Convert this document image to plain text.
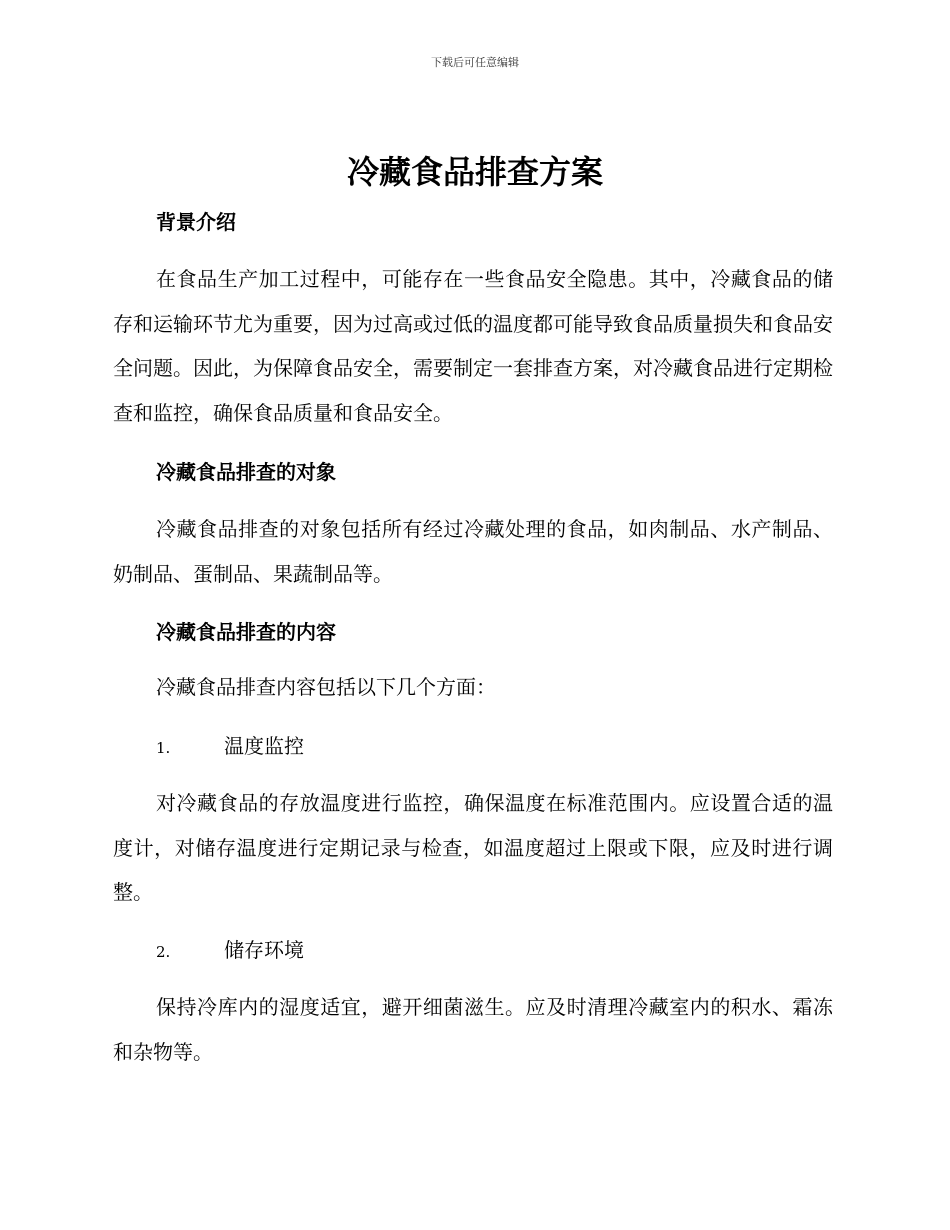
下载后可任意编辑
冷藏食品排查方案
背景介绍

在食品生产加工过程中，可能存在一些食品安全隐患。其中，冷藏食品的储存和运输环节尤为重要，因为过高或过低的温度都可能导致食品质量损失和食品安全问题。因此，为保障食品安全，需要制定一套排查方案，对冷藏食品进行定期检查和监控，确保食品质量和食品安全。

冷藏食品排查的对象

冷藏食品排查的对象包括所有经过冷藏处理的食品，如肉制品、水产制品、奶制品、蛋制品、果蔬制品等。

冷藏食品排查的内容

冷藏食品排查内容包括以下几个方面：

1.	温度监控

对冷藏食品的存放温度进行监控，确保温度在标准范围内。应设置合适的温度计，对储存温度进行定期记录与检查，如温度超过上限或下限，应及时进行调整。

2.	储存环境

保持冷库内的湿度适宜，避开细菌滋生。应及时清理冷藏室内的积水、霜冻和杂物等。
